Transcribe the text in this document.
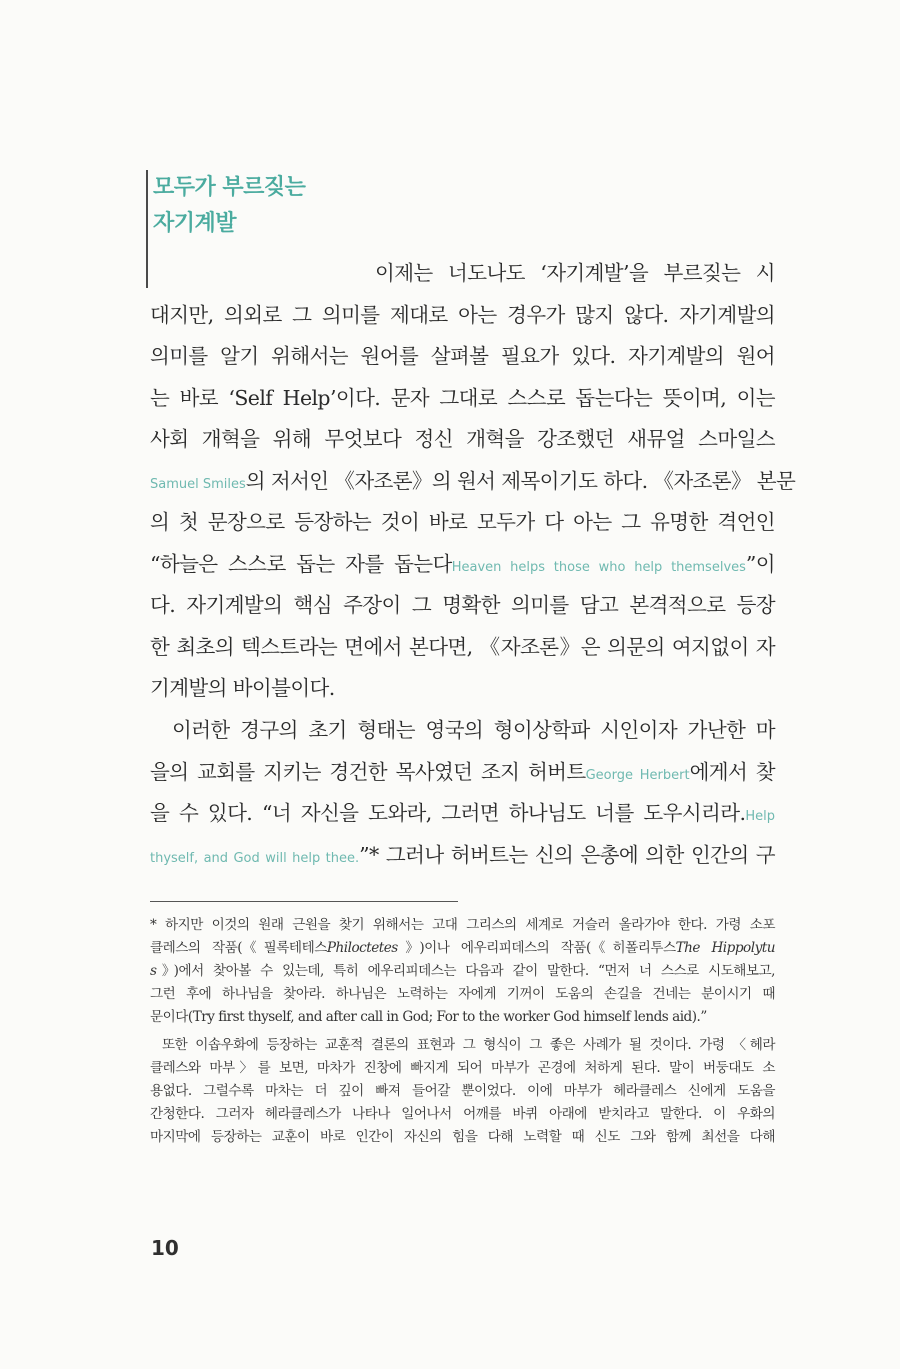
모두가 부르짖는
자기계발
이제는 너도나도 ‘자기계발’을 부르짖는 시
대지만, 의외로 그 의미를 제대로 아는 경우가 많지 않다. 자기계발의
의미를 알기 위해서는 원어를 살펴볼 필요가 있다. 자기계발의 원어
는 바로 ‘Self Help’이다. 문자 그대로 스스로 돕는다는 뜻이며, 이는
사회 개혁을 위해 무엇보다 정신 개혁을 강조했던 새뮤얼 스마일스
Samuel Smiles의 저서인 《자조론》의 원서 제목이기도 하다. 《자조론》 본문
의 첫 문장으로 등장하는 것이 바로 모두가 다 아는 그 유명한 격언인
“하늘은 스스로 돕는 자를 돕는다Heaven helps those who help themselves”이
다. 자기계발의 핵심 주장이 그 명확한 의미를 담고 본격적으로 등장
한 최초의 텍스트라는 면에서 본다면, 《자조론》은 의문의 여지없이 자
기계발의 바이블이다.
이러한 경구의 초기 형태는 영국의 형이상학파 시인이자 가난한 마
을의 교회를 지키는 경건한 목사였던 조지 허버트George Herbert에게서 찾
을 수 있다. “너 자신을 도와라, 그러면 하나님도 너를 도우시리라.Help
thyself, and God will help thee.”* 그러나 허버트는 신의 은총에 의한 인간의 구
* 하지만 이것의 원래 근원을 찾기 위해서는 고대 그리스의 세계로 거슬러 올라가야 한다. 가령 소포
클레스의 작품(《필록테테스Philoctetes》)이나 에우리피데스의 작품(《히폴리투스The Hippolytu
s》)에서 찾아볼 수 있는데, 특히 에우리피데스는 다음과 같이 말한다. “먼저 너 스스로 시도해보고,
그런 후에 하나님을 찾아라. 하나님은 노력하는 자에게 기꺼이 도움의 손길을 건네는 분이시기 때
문이다(Try first thyself, and after call in God; For to the worker God himself lends aid).”
또한 이솝우화에 등장하는 교훈적 결론의 표현과 그 형식이 그 좋은 사례가 될 것이다. 가령 〈헤라
클레스와 마부〉를 보면, 마차가 진창에 빠지게 되어 마부가 곤경에 처하게 된다. 말이 버둥대도 소
용없다. 그럴수록 마차는 더 깊이 빠져 들어갈 뿐이었다. 이에 마부가 헤라클레스 신에게 도움을
간청한다. 그러자 헤라클레스가 나타나 일어나서 어깨를 바퀴 아래에 받치라고 말한다. 이 우화의
마지막에 등장하는 교훈이 바로 인간이 자신의 힘을 다해 노력할 때 신도 그와 함께 최선을 다해
10
